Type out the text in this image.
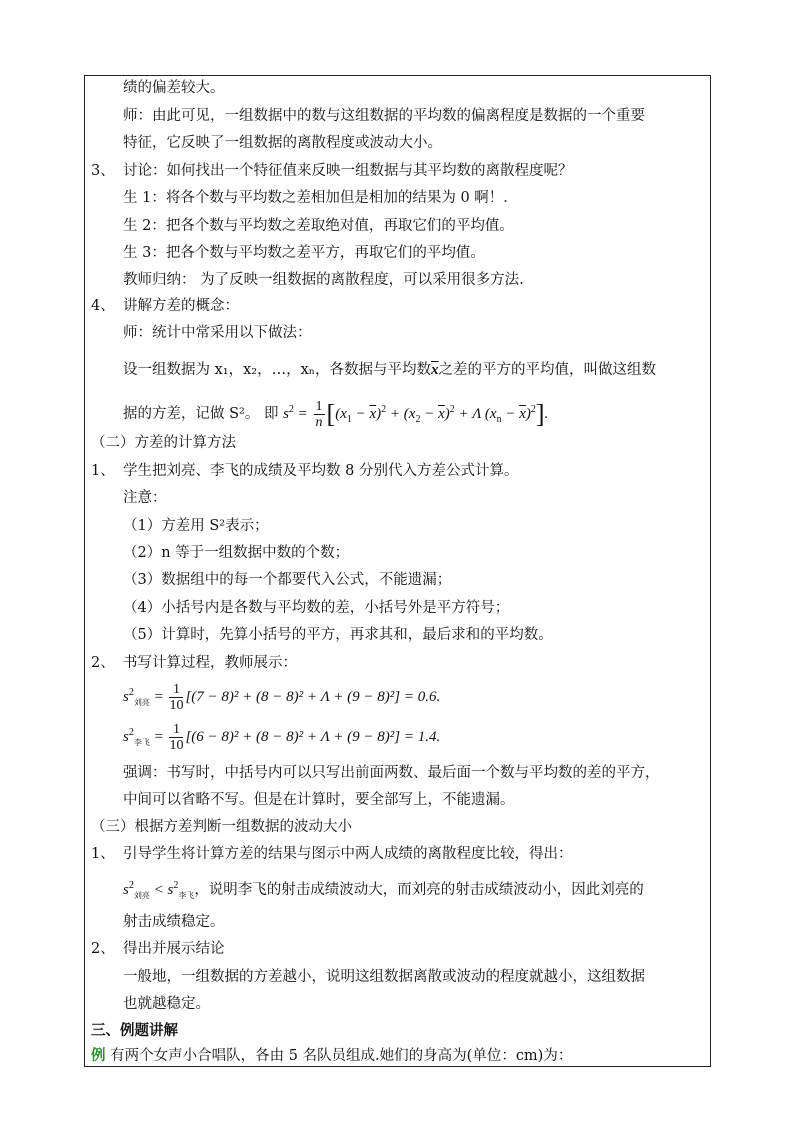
绩的偏差较大。
师：由此可见，一组数据中的数与这组数据的平均数的偏离程度是数据的一个重要
特征，它反映了一组数据的离散程度或波动大小。
3、 讨论：如何找出一个特征值来反映一组数据与其平均数的离散程度呢？
生 1：将各个数与平均数之差相加但是相加的结果为 0 啊！．
生 2：把各个数与平均数之差取绝对值，再取它们的平均值。
生 3：把各个数与平均数之差平方，再取它们的平均值。
教师归纳： 为了反映一组数据的离散程度，可以采用很多方法.
4、 讲解方差的概念：
师：统计中常采用以下做法：
设一组数据为 x₁，x₂，…，xₙ，各数据与平均数$\overline{x}$之差的平方的平均值，叫做这组数
据的方差，记做 S²。 即 $s^2 = \frac{1}{n} [(x_1 - \overline{x})^2 + (x_2 - \overline{x})^2 + \Lambda$ $(x_n - \overline{x})^2$].
（二）方差的计算方法
1、 学生把刘亮、李飞的成绩及平均数 8 分别代入方差公式计算。
注意：
（1）方差用 S²表示；
（2）n 等于一组数据中数的个数；
（3）数据组中的每一个都要代入公式，不能遗漏；
（4）小括号内是各数与平均数的差，小括号外是平方符号；
（5）计算时，先算小括号的平方，再求其和，最后求和的平均数。
2、 书写计算过程，教师展示：
$s^2_{刘亮} = \frac{1}{10} [(7 - 8)^2 + (8 - 8)^2 + \Lambda + (9 - 8)^2] = 0.6$.
$s^2_{李飞} = \frac{1}{10} [(6 - 8)^2 + (8 - 8)^2 + \Lambda + (9 - 8)^2] = 1.4$.
强调：书写时，中括号内可以只写出前面两数、最后面一个数与平均数的差的平方，
中间可以省略不写。但是在计算时，要全部写上，不能遗漏。
（三）根据方差判断一组数据的波动大小
1、 引导学生将计算方差的结果与图示中两人成绩的离散程度比较，得出：
$s^2_{刘亮} < s^2_{李飞}$，说明李飞的射击成绩波动大，而刘亮的射击成绩波动小，因此刘亮的
射击成绩稳定。
2、 得出并展示结论
一般地，一组数据的方差越小，说明这组数据离散或波动的程度就越小，这组数据
也就越稳定。
三、例题讲解
例 有两个女声小合唱队，各由 5 名队员组成.她们的身高为(单位：cm)为：
